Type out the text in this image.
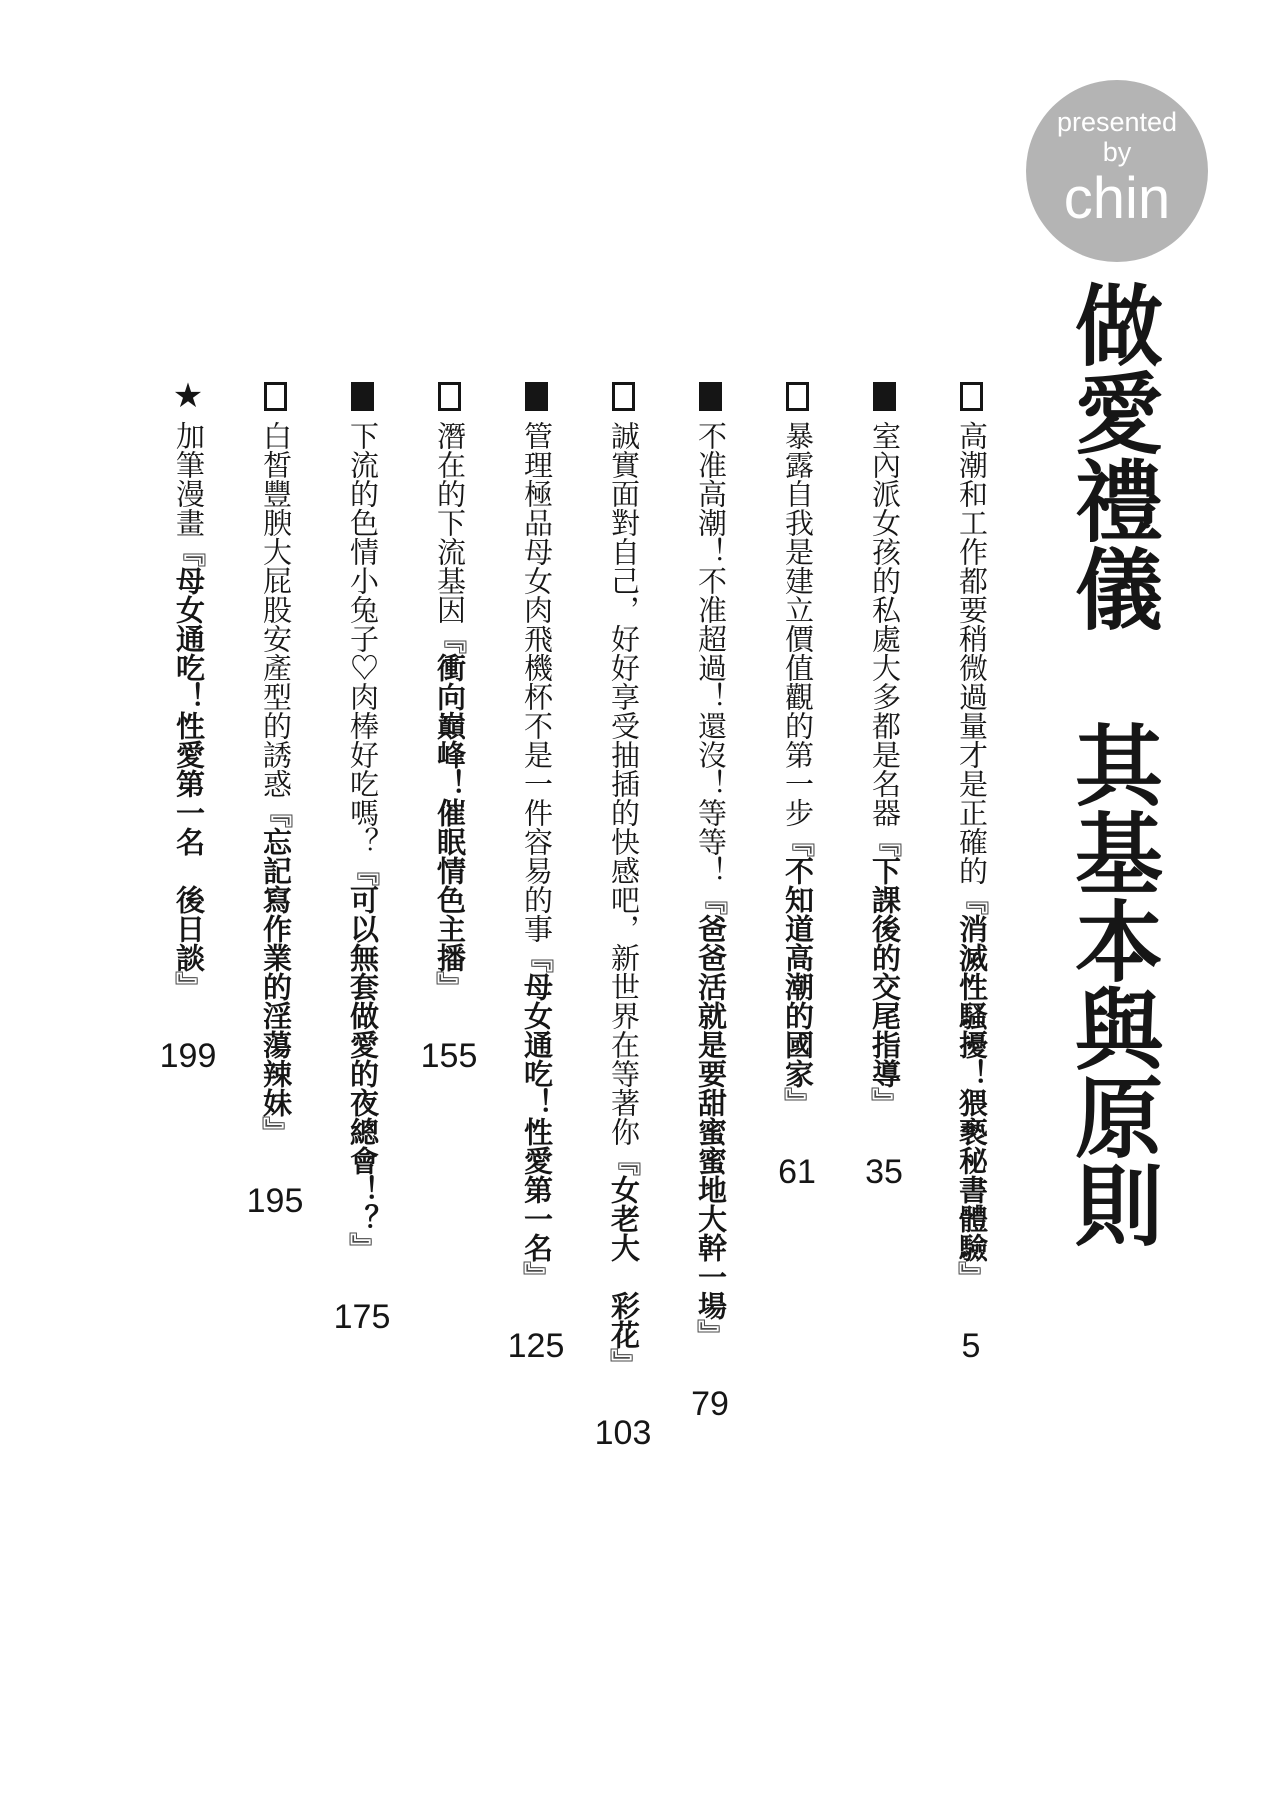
presented
by
chin
做愛禮儀　其基本與原則
高潮和工作都要稍微過量才是正確的『消滅性騷擾！猥褻秘書體驗』
5
室內派女孩的私處大多都是名器『下課後的交尾指導』
35
暴露自我是建立價值觀的第一步『不知道高潮的國家』
61
不准高潮！不准超過！還沒！等等！『爸爸活就是要甜蜜蜜地大幹一場』
79
誠實面對自己，好好享受抽插的快感吧，新世界在等著你『女老大　彩花』
103
管理極品母女肉飛機杯不是一件容易的事『母女通吃！性愛第一名』
125
潛在的下流基因『衝向巔峰！催眠情色主播』
155
下流的色情小兔子♡肉棒好吃嗎？『可以無套做愛的夜總會！？』
175
白皙豐腴大屁股安產型的誘惑『忘記寫作業的淫蕩辣妹』
195
★
加筆漫畫『母女通吃！性愛第一名　後日談』
199
